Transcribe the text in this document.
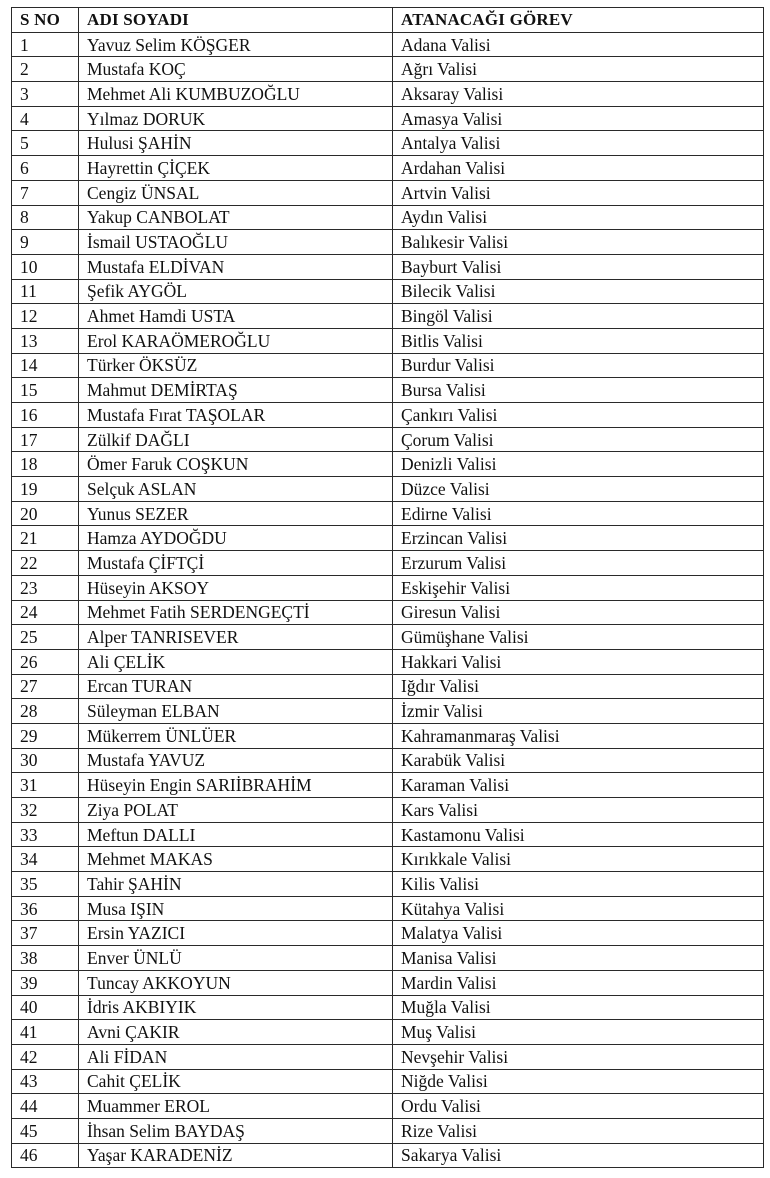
S NO	ADI SOYADI	ATANACAĞI GÖREV
1	Yavuz Selim KÖŞGER	Adana Valisi
2	Mustafa KOÇ	Ağrı Valisi
3	Mehmet Ali KUMBUZOĞLU	Aksaray Valisi
4	Yılmaz DORUK	Amasya Valisi
5	Hulusi ŞAHİN	Antalya Valisi
6	Hayrettin ÇİÇEK	Ardahan Valisi
7	Cengiz ÜNSAL	Artvin Valisi
8	Yakup CANBOLAT	Aydın Valisi
9	İsmail USTAOĞLU	Balıkesir Valisi
10	Mustafa ELDİVAN	Bayburt Valisi
11	Şefik AYGÖL	Bilecik Valisi
12	Ahmet Hamdi USTA	Bingöl Valisi
13	Erol KARAÖMEROĞLU	Bitlis Valisi
14	Türker ÖKSÜZ	Burdur Valisi
15	Mahmut DEMİRTAŞ	Bursa Valisi
16	Mustafa Fırat TAŞOLAR	Çankırı Valisi
17	Zülkif DAĞLI	Çorum Valisi
18	Ömer Faruk COŞKUN	Denizli Valisi
19	Selçuk ASLAN	Düzce Valisi
20	Yunus SEZER	Edirne Valisi
21	Hamza AYDOĞDU	Erzincan Valisi
22	Mustafa ÇİFTÇİ	Erzurum Valisi
23	Hüseyin AKSOY	Eskişehir Valisi
24	Mehmet Fatih SERDENGEÇTİ	Giresun Valisi
25	Alper TANRISEVER	Gümüşhane Valisi
26	Ali ÇELİK	Hakkari Valisi
27	Ercan TURAN	Iğdır Valisi
28	Süleyman ELBAN	İzmir Valisi
29	Mükerrem ÜNLÜER	Kahramanmaraş Valisi
30	Mustafa YAVUZ	Karabük Valisi
31	Hüseyin Engin SARIİBRAHİM	Karaman Valisi
32	Ziya POLAT	Kars Valisi
33	Meftun DALLI	Kastamonu Valisi
34	Mehmet MAKAS	Kırıkkale Valisi
35	Tahir ŞAHİN	Kilis Valisi
36	Musa IŞIN	Kütahya Valisi
37	Ersin YAZICI	Malatya Valisi
38	Enver ÜNLÜ	Manisa Valisi
39	Tuncay AKKOYUN	Mardin Valisi
40	İdris AKBIYIK	Muğla Valisi
41	Avni ÇAKIR	Muş Valisi
42	Ali FİDAN	Nevşehir Valisi
43	Cahit ÇELİK	Niğde Valisi
44	Muammer EROL	Ordu Valisi
45	İhsan Selim BAYDAŞ	Rize Valisi
46	Yaşar KARADENİZ	Sakarya Valisi
